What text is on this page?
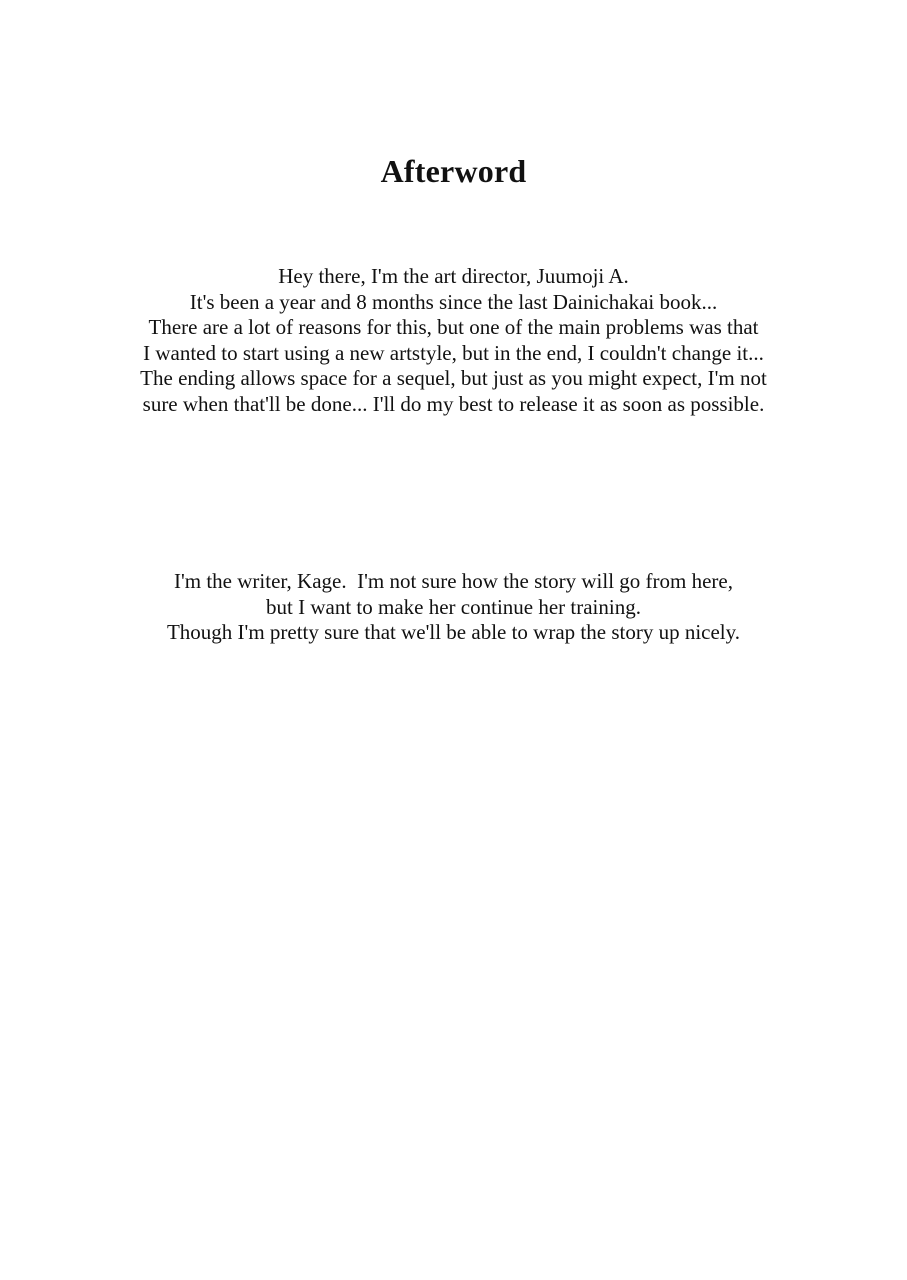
Afterword
Hey there, I'm the art director, Juumoji A.
It's been a year and 8 months since the last Dainichakai book...
There are a lot of reasons for this, but one of the main problems was that
I wanted to start using a new artstyle, but in the end, I couldn't change it...
The ending allows space for a sequel, but just as you might expect, I'm not
sure when that'll be done... I'll do my best to release it as soon as possible.
I'm the writer, Kage.  I'm not sure how the story will go from here,
but I want to make her continue her training.
Though I'm pretty sure that we'll be able to wrap the story up nicely.
